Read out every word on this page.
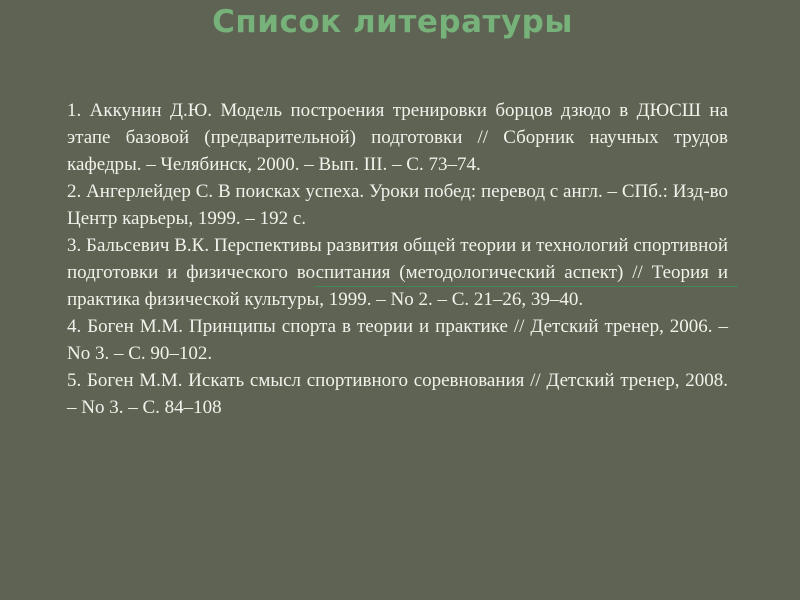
Список литературы

1. Аккунин Д.Ю. Модель построения тренировки борцов дзюдо в ДЮСШ на этапе базовой (предварительной) подготовки // Сборник научных трудов кафедры. – Челябинск, 2000. – Вып. III. – С. 73–74.

2. Ангерлейдер С. В поисках успеха. Уроки побед: перевод с англ. – СПб.: Изд-во Центр карьеры, 1999. – 192 с.

3. Бальсевич В.К. Перспективы развития общей теории и технологий спортивной подготовки и физического воспитания (методологический аспект) // Теория и практика физической культуры, 1999. – No 2. – С. 21–26, 39–40.

4. Боген М.М. Принципы спорта в теории и практике // Детский тренер, 2006. – No 3. – С. 90–102.

5. Боген М.М. Искать смысл спортивного соревнования // Детский тренер, 2008. – No 3. – С. 84–108
